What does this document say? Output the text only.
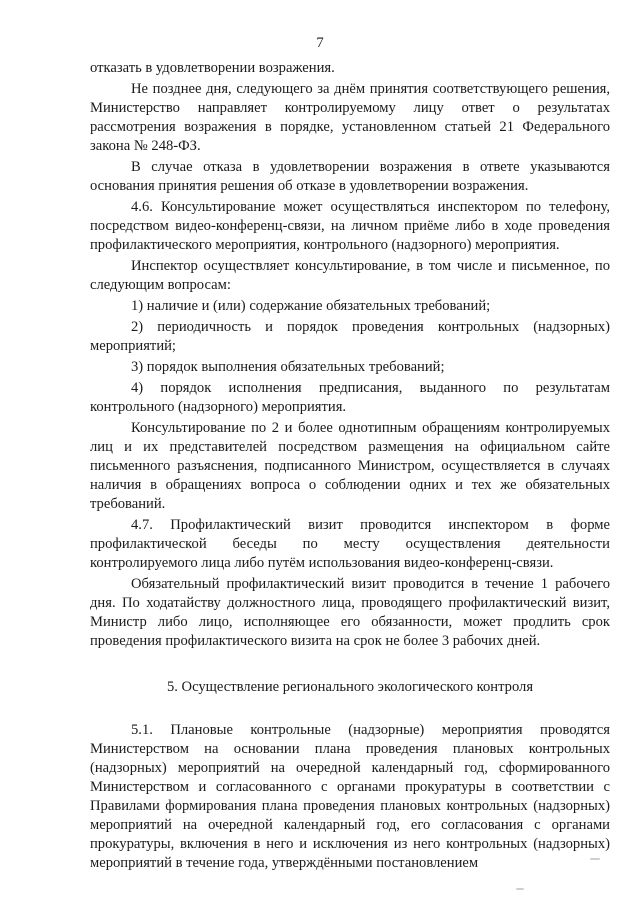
7

отказать в удовлетворении возражения.

Не позднее дня, следующего за днём принятия соответствующего решения, Министерство направляет контролируемому лицу ответ о результатах рассмотрения возражения в порядке, установленном статьей 21 Федерального закона № 248-ФЗ.

В случае отказа в удовлетворении возражения в ответе указываются основания принятия решения об отказе в удовлетворении возражения.

4.6. Консультирование может осуществляться инспектором по телефону, посредством видео-конференц-связи, на личном приёме либо в ходе проведения профилактического мероприятия, контрольного (надзорного) мероприятия.

Инспектор осуществляет консультирование, в том числе и письменное, по следующим вопросам:

1) наличие и (или) содержание обязательных требований;

2) периодичность и порядок проведения контрольных (надзорных) мероприятий;

3) порядок выполнения обязательных требований;

4) порядок исполнения предписания, выданного по результатам контрольного (надзорного) мероприятия.

Консультирование по 2 и более однотипным обращениям контролируемых лиц и их представителей посредством размещения на официальном сайте письменного разъяснения, подписанного Министром, осуществляется в случаях наличия в обращениях вопроса о соблюдении одних и тех же обязательных требований.

4.7. Профилактический визит проводится инспектором в форме профилактической беседы по месту осуществления деятельности контролируемого лица либо путём использования видео-конференц-связи.

Обязательный профилактический визит проводится в течение 1 рабочего дня. По ходатайству должностного лица, проводящего профилактический визит, Министр либо лицо, исполняющее его обязанности, может продлить срок проведения профилактического визита на срок не более 3 рабочих дней.

5. Осуществление регионального экологического контроля

5.1. Плановые контрольные (надзорные) мероприятия проводятся Министерством на основании плана проведения плановых контрольных (надзорных) мероприятий на очередной календарный год, сформированного Министерством и согласованного с органами прокуратуры в соответствии с Правилами формирования плана проведения плановых контрольных (надзорных) мероприятий на очередной календарный год, его согласования с органами прокуратуры, включения в него и исключения из него контрольных (надзорных) мероприятий в течение года, утверждёнными постановлением
